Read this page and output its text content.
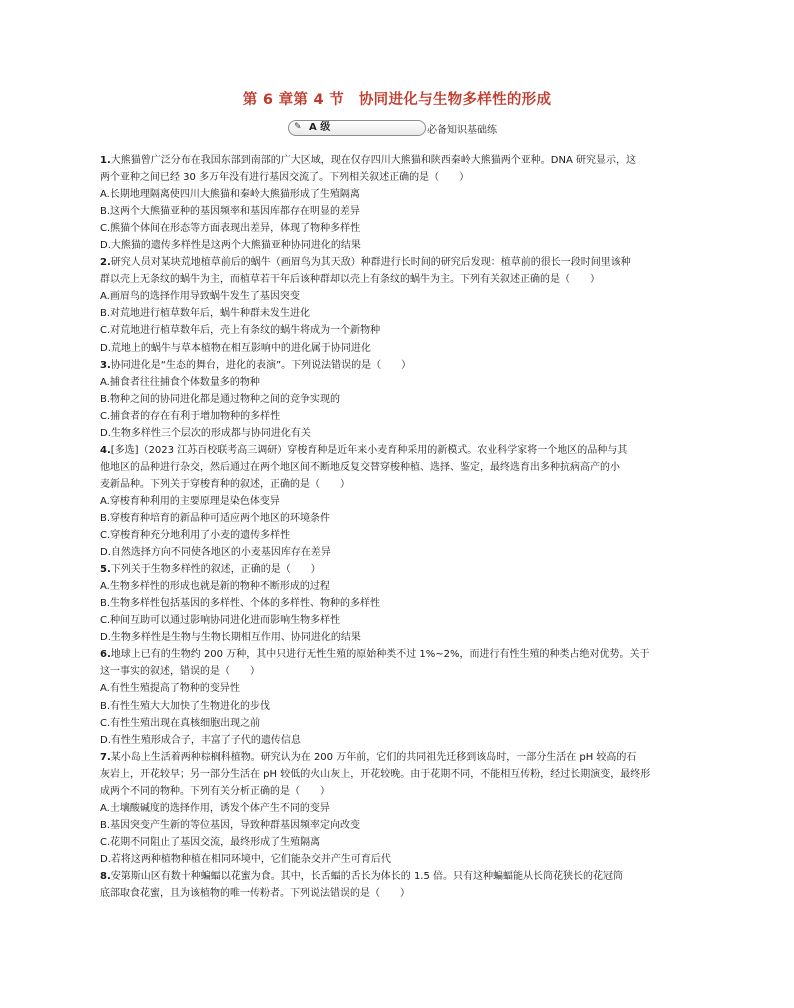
第 6 章第 4 节　协同进化与生物多样性的形成
✎ A 级	必备知识基础练
1.大熊猫曾广泛分布在我国东部到南部的广大区域，现在仅存四川大熊猫和陕西秦岭大熊猫两个亚种。DNA 研究显示，这
两个亚种之间已经 30 多万年没有进行基因交流了。下列相关叙述正确的是（　　）
A.长期地理隔离使四川大熊猫和秦岭大熊猫形成了生殖隔离
B.这两个大熊猫亚种的基因频率和基因库都存在明显的差异
C.熊猫个体间在形态等方面表现出差异，体现了物种多样性
D.大熊猫的遗传多样性是这两个大熊猫亚种协同进化的结果
2.研究人员对某块荒地植草前后的蜗牛（画眉鸟为其天敌）种群进行长时间的研究后发现：植草前的很长一段时间里该种
群以壳上无条纹的蜗牛为主，而植草若干年后该种群却以壳上有条纹的蜗牛为主。下列有关叙述正确的是（　　）
A.画眉鸟的选择作用导致蜗牛发生了基因突变
B.对荒地进行植草数年后，蜗牛种群未发生进化
C.对荒地进行植草数年后，壳上有条纹的蜗牛将成为一个新物种
D.荒地上的蜗牛与草本植物在相互影响中的进化属于协同进化
3.协同进化是“生态的舞台，进化的表演”。下列说法错误的是（　　）
A.捕食者往往捕食个体数量多的物种
B.物种之间的协同进化都是通过物种之间的竞争实现的
C.捕食者的存在有利于增加物种的多样性
D.生物多样性三个层次的形成都与协同进化有关
4.[多选]（2023 江苏百校联考高三调研）穿梭育种是近年来小麦育种采用的新模式。农业科学家将一个地区的品种与其
他地区的品种进行杂交，然后通过在两个地区间不断地反复交替穿梭种植、选择、鉴定，最终选育出多种抗病高产的小
麦新品种。下列关于穿梭育种的叙述，正确的是（　　）
A.穿梭育种利用的主要原理是染色体变异
B.穿梭育种培育的新品种可适应两个地区的环境条件
C.穿梭育种充分地利用了小麦的遗传多样性
D.自然选择方向不同使各地区的小麦基因库存在差异
5.下列关于生物多样性的叙述，正确的是（　　）
A.生物多样性的形成也就是新的物种不断形成的过程
B.生物多样性包括基因的多样性、个体的多样性、物种的多样性
C.种间互助可以通过影响协同进化进而影响生物多样性
D.生物多样性是生物与生物长期相互作用、协同进化的结果
6.地球上已有的生物约 200 万种，其中只进行无性生殖的原始种类不过 1%~2%，而进行有性生殖的种类占绝对优势。关于
这一事实的叙述，错误的是（　　）
A.有性生殖提高了物种的变异性
B.有性生殖大大加快了生物进化的步伐
C.有性生殖出现在真核细胞出现之前
D.有性生殖形成合子，丰富了子代的遗传信息
7.某小岛上生活着两种棕榈科植物。研究认为在 200 万年前，它们的共同祖先迁移到该岛时，一部分生活在 pH 较高的石
灰岩上，开花较早；另一部分生活在 pH 较低的火山灰上，开花较晚。由于花期不同，不能相互传粉，经过长期演变，最终形
成两个不同的物种。下列有关分析正确的是（　　）
A.土壤酸碱度的选择作用，诱发个体产生不同的变异
B.基因突变产生新的等位基因，导致种群基因频率定向改变
C.花期不同阻止了基因交流，最终形成了生殖隔离
D.若将这两种植物种植在相同环境中，它们能杂交并产生可育后代
8.安第斯山区有数十种蝙蝠以花蜜为食。其中，长舌蝠的舌长为体长的 1.5 倍。只有这种蝙蝠能从长筒花狭长的花冠筒
底部取食花蜜，且为该植物的唯一传粉者。下列说法错误的是（　　）
